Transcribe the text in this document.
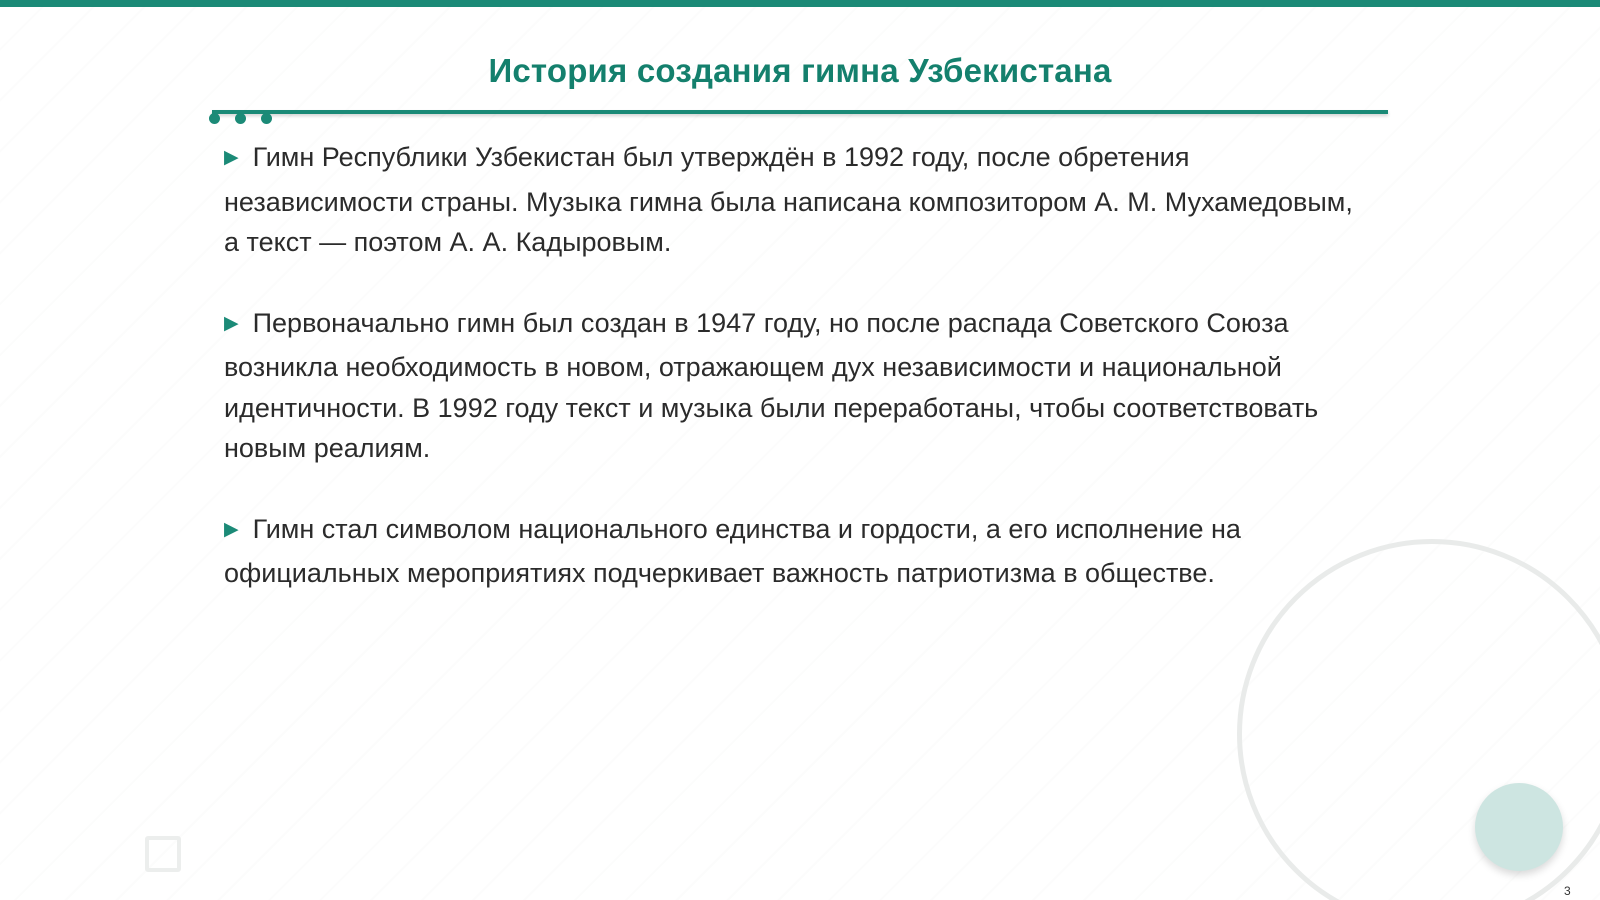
История создания гимна Узбекистана

▶ Гимн Республики Узбекистан был утверждён в 1992 году, после обретения независимости страны. Музыка гимна была написана композитором А. М. Мухамедовым, а текст — поэтом А. А. Кадыровым.

▶ Первоначально гимн был создан в 1947 году, но после распада Советского Союза возникла необходимость в новом, отражающем дух независимости и национальной идентичности. В 1992 году текст и музыка были переработаны, чтобы соответствовать новым реалиям.

▶ Гимн стал символом национального единства и гордости, а его исполнение на официальных мероприятиях подчеркивает важность патриотизма в обществе.

3
